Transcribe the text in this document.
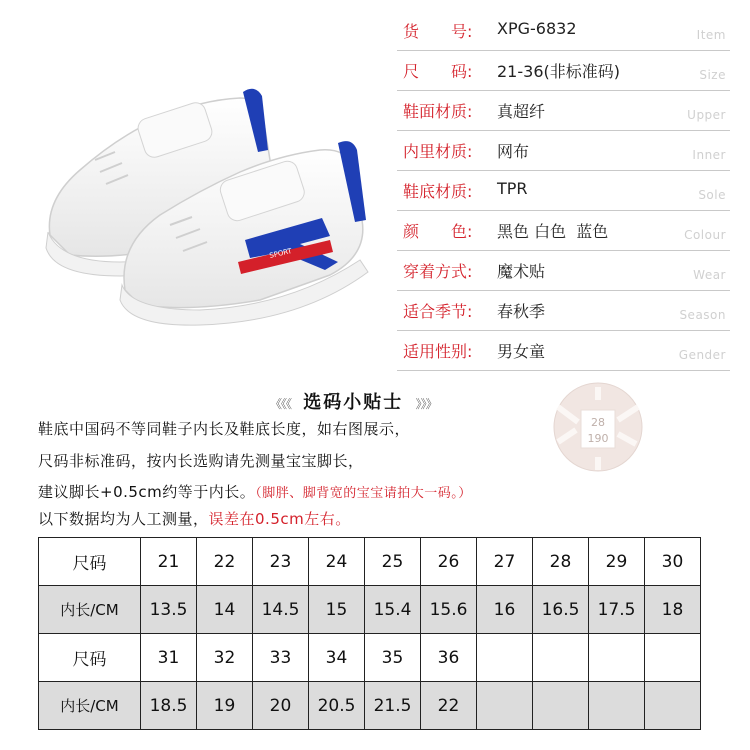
SPORT
货　　号: XPG-6832	Item
尺　　码: 21-36(非标准码)	Size
鞋面材质: 真超纤	Upper
内里材质: 网布	Inner
鞋底材质: TPR	Sole
颜　　色: 黑色 白色  蓝色	Colour
穿着方式: 魔术贴	Wear
适合季节: 春秋季	Season
适用性别: 男女童	Gender
《《《 选码小贴士 》》》
28
190
鞋底中国码不等同鞋子内长及鞋底长度，如右图展示，
尺码非标准码，按内长选购请先测量宝宝脚长，
建议脚长+0.5cm约等于内长。（脚胖、脚背宽的宝宝请拍大一码。）
以下数据均为人工测量，误差在0.5cm左右。
尺码	21	22	23	24	25	26	27	28	29	30
内长/CM	13.5	14	14.5	15	15.4	15.6	16	16.5	17.5	18
尺码	31	32	33	34	35	36				
内长/CM	18.5	19	20	20.5	21.5	22				
